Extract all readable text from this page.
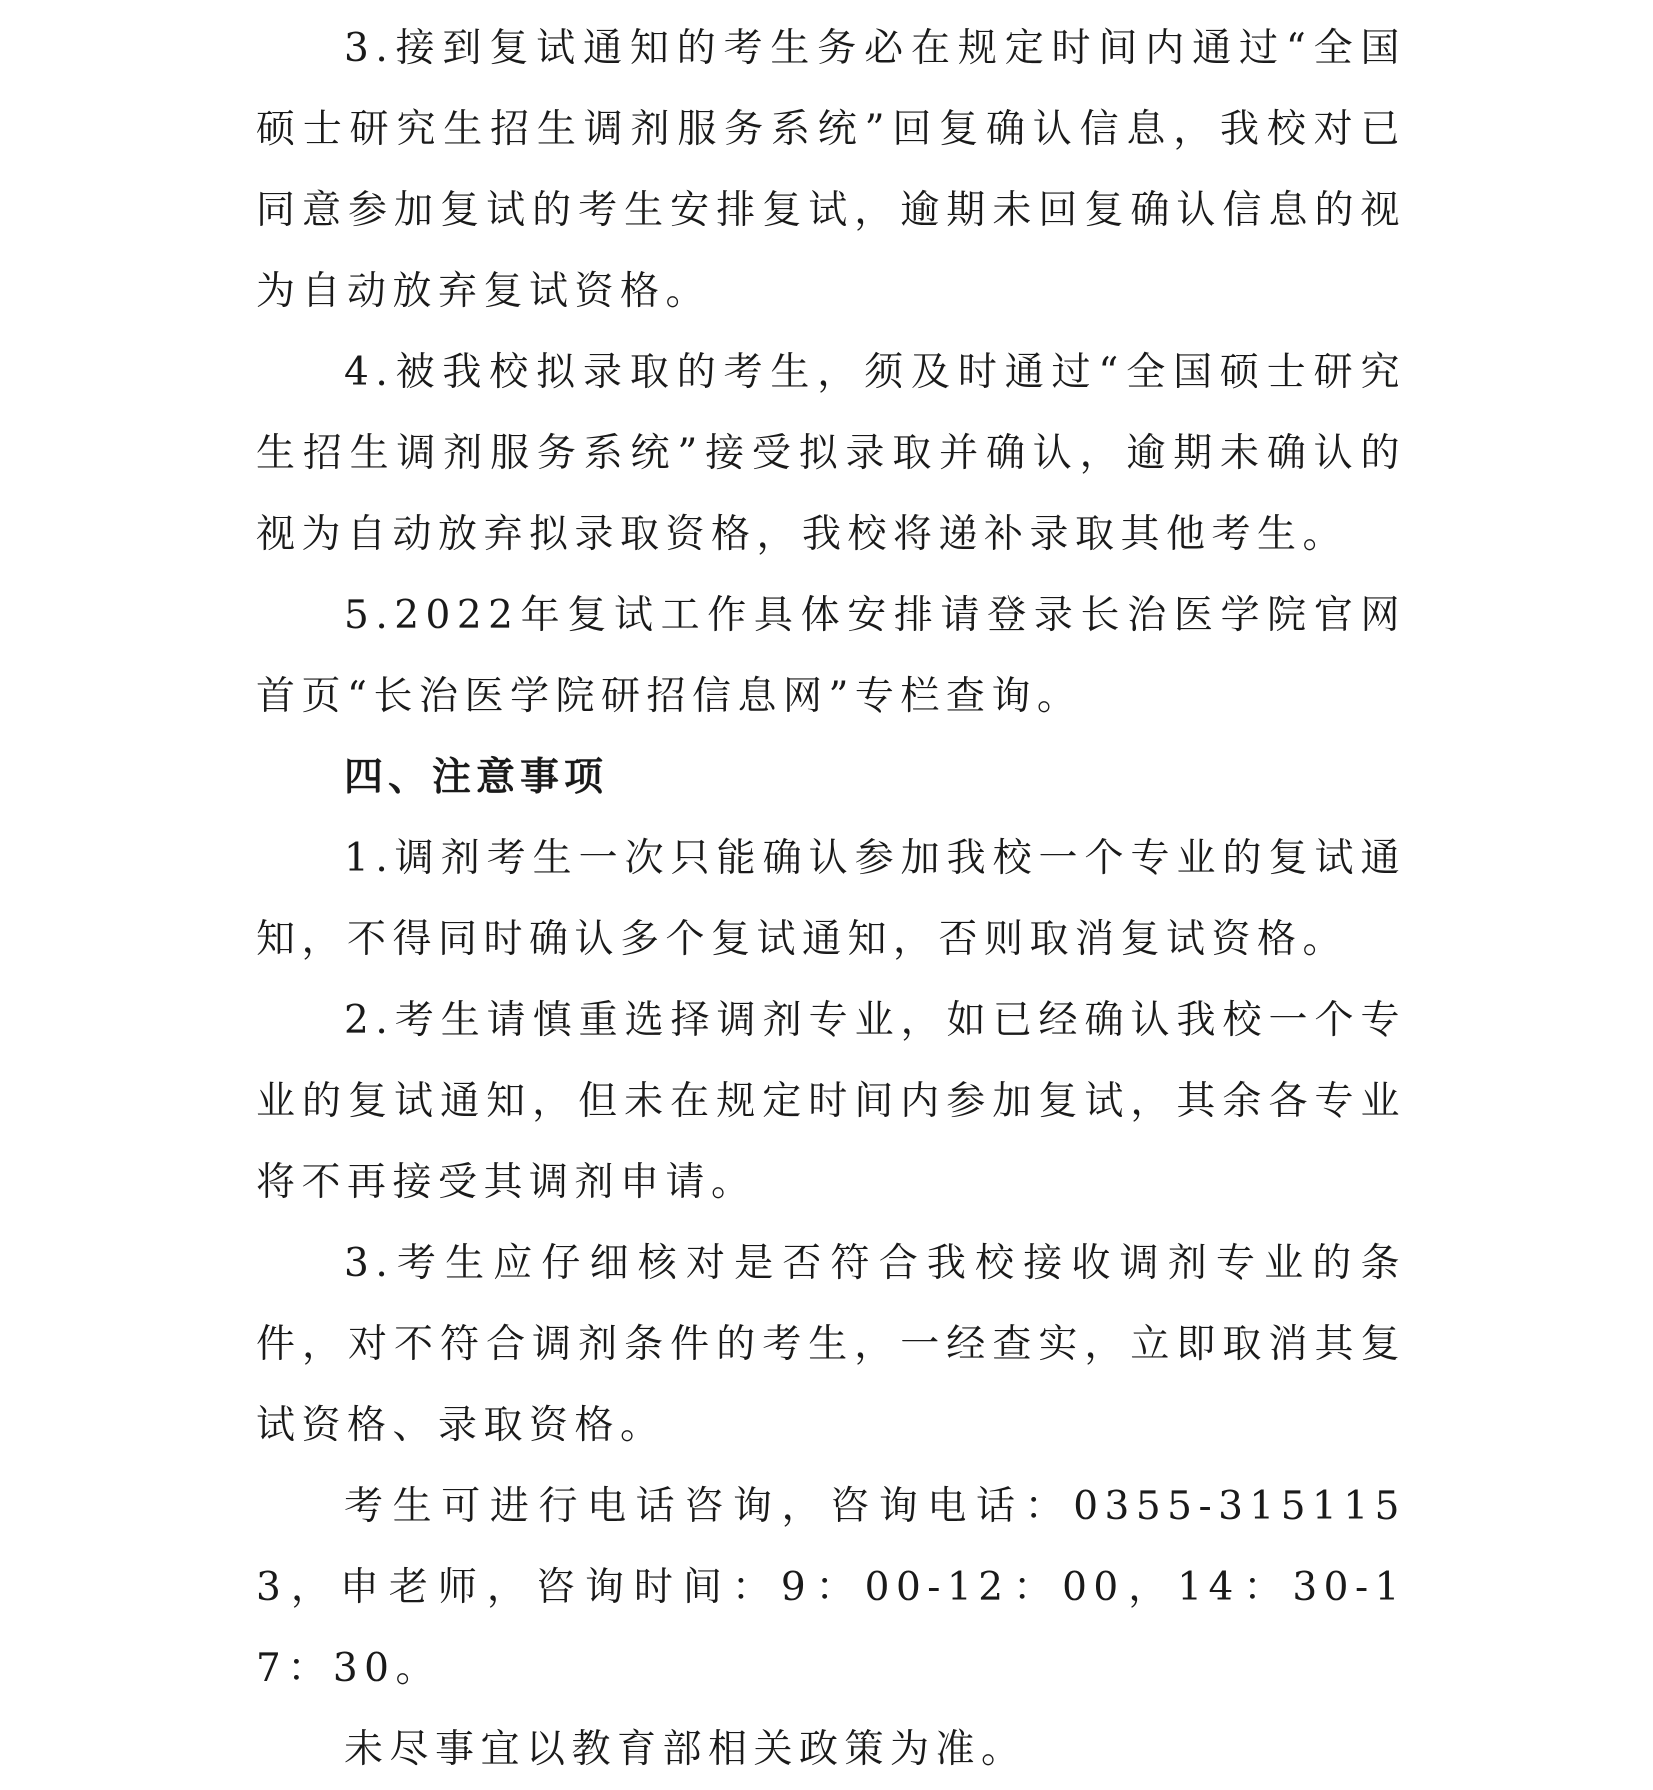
3.接到复试通知的考生务必在规定时间内通过“全国硕士研究生招生调剂服务系统”回复确认信息，我校对已同意参加复试的考生安排复试，逾期未回复确认信息的视为自动放弃复试资格。

4.被我校拟录取的考生，须及时通过“全国硕士研究生招生调剂服务系统”接受拟录取并确认，逾期未确认的视为自动放弃拟录取资格，我校将递补录取其他考生。

5.2022年复试工作具体安排请登录长治医学院官网首页“长治医学院研招信息网”专栏查询。

四、注意事项

1.调剂考生一次只能确认参加我校一个专业的复试通知，不得同时确认多个复试通知，否则取消复试资格。

2.考生请慎重选择调剂专业，如已经确认我校一个专业的复试通知，但未在规定时间内参加复试，其余各专业将不再接受其调剂申请。

3.考生应仔细核对是否符合我校接收调剂专业的条件，对不符合调剂条件的考生，一经查实，立即取消其复试资格、录取资格。

考生可进行电话咨询，咨询电话：0355-3151153，申老师，咨询时间：9：00-12：00，14：30-17：30。

未尽事宜以教育部相关政策为准。
